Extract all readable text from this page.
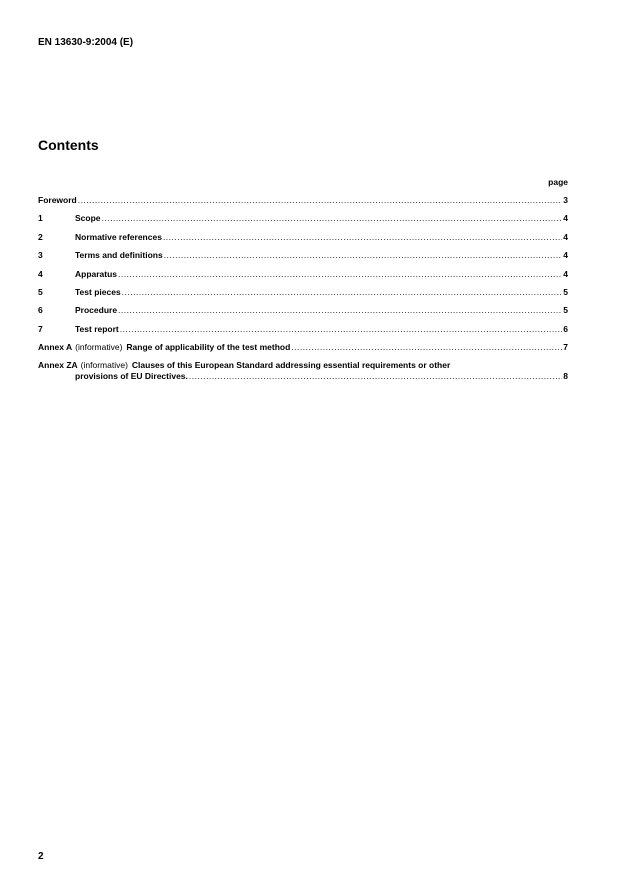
EN 13630-9:2004 (E)
Contents
page
Foreword .....	3
1	Scope .....	4
2	Normative references .....	4
3	Terms and definitions .....	4
4	Apparatus .....	4
5	Test pieces .....	5
6	Procedure .....	5
7	Test report .....	6
Annex A (informative) Range of applicability of the test method .....	7
Annex ZA (informative) Clauses of this European Standard addressing essential requirements or other
provisions of EU Directives. .....	8
2
